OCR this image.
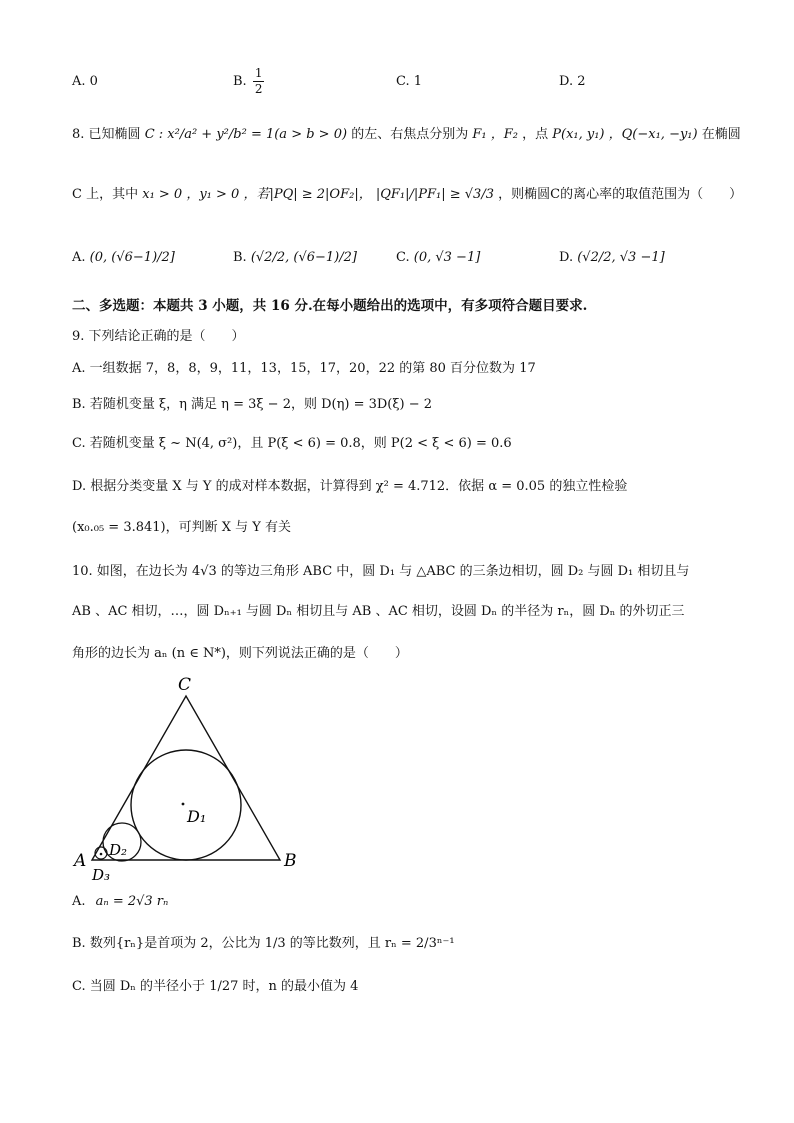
A. 0	B. $\frac{1}{2}$	C. 1	D. 2
8. 已知椭圆 C : x²/a² + y²/b² = 1(a > b > 0) 的左、右焦点分别为 F₁ ，F₂ ，点 P(x₁, y₁) ，Q(−x₁, −y₁) 在椭圆
C 上，其中 x₁ > 0 ，y₁ > 0 ，若|PQ| ≥ 2|OF₂|， |QF₁|/|PF₁| ≥ √3/3 ，则椭圆C的离心率的取值范围为（　　）
A. (0, (√6−1)/2]	B. (√2/2, (√6−1)/2]	C. (0, √3 −1]	D. (√2/2, √3 −1]
二、多选题：本题共 3 小题，共 16 分.在每小题给出的选项中，有多项符合题目要求.
9. 下列结论正确的是（　　）
A. 一组数据 7，8，8，9，11，13，15，17，20，22 的第 80 百分位数为 17
B. 若随机变量 ξ，η 满足 η = 3ξ − 2，则 D(η) = 3D(ξ) − 2
C. 若随机变量 ξ ~ N(4, σ²)，且 P(ξ < 6) = 0.8，则 P(2 < ξ < 6) = 0.6
D. 根据分类变量 X 与 Y 的成对样本数据，计算得到 χ² = 4.712．依据 α = 0.05 的独立性检验
(x₀.₀₅ = 3.841)，可判断 X 与 Y 有关
10. 如图，在边长为 4√3 的等边三角形 ABC 中，圆 D₁ 与 △ABC 的三条边相切，圆 D₂ 与圆 D₁ 相切且与
AB 、AC 相切，…，圆 Dₙ₊₁ 与圆 Dₙ 相切且与 AB 、AC 相切，设圆 Dₙ 的半径为 rₙ，圆 Dₙ 的外切正三
角形的边长为 aₙ (n ∈ N*)，则下列说法正确的是（　　）
C
A	B
D₁
D₂
D₃
A. aₙ = 2√3 rₙ
B. 数列{rₙ}是首项为 2，公比为 1/3 的等比数列，且 rₙ = 2/3ⁿ⁻¹
C. 当圆 Dₙ 的半径小于 1/27 时，n 的最小值为 4
